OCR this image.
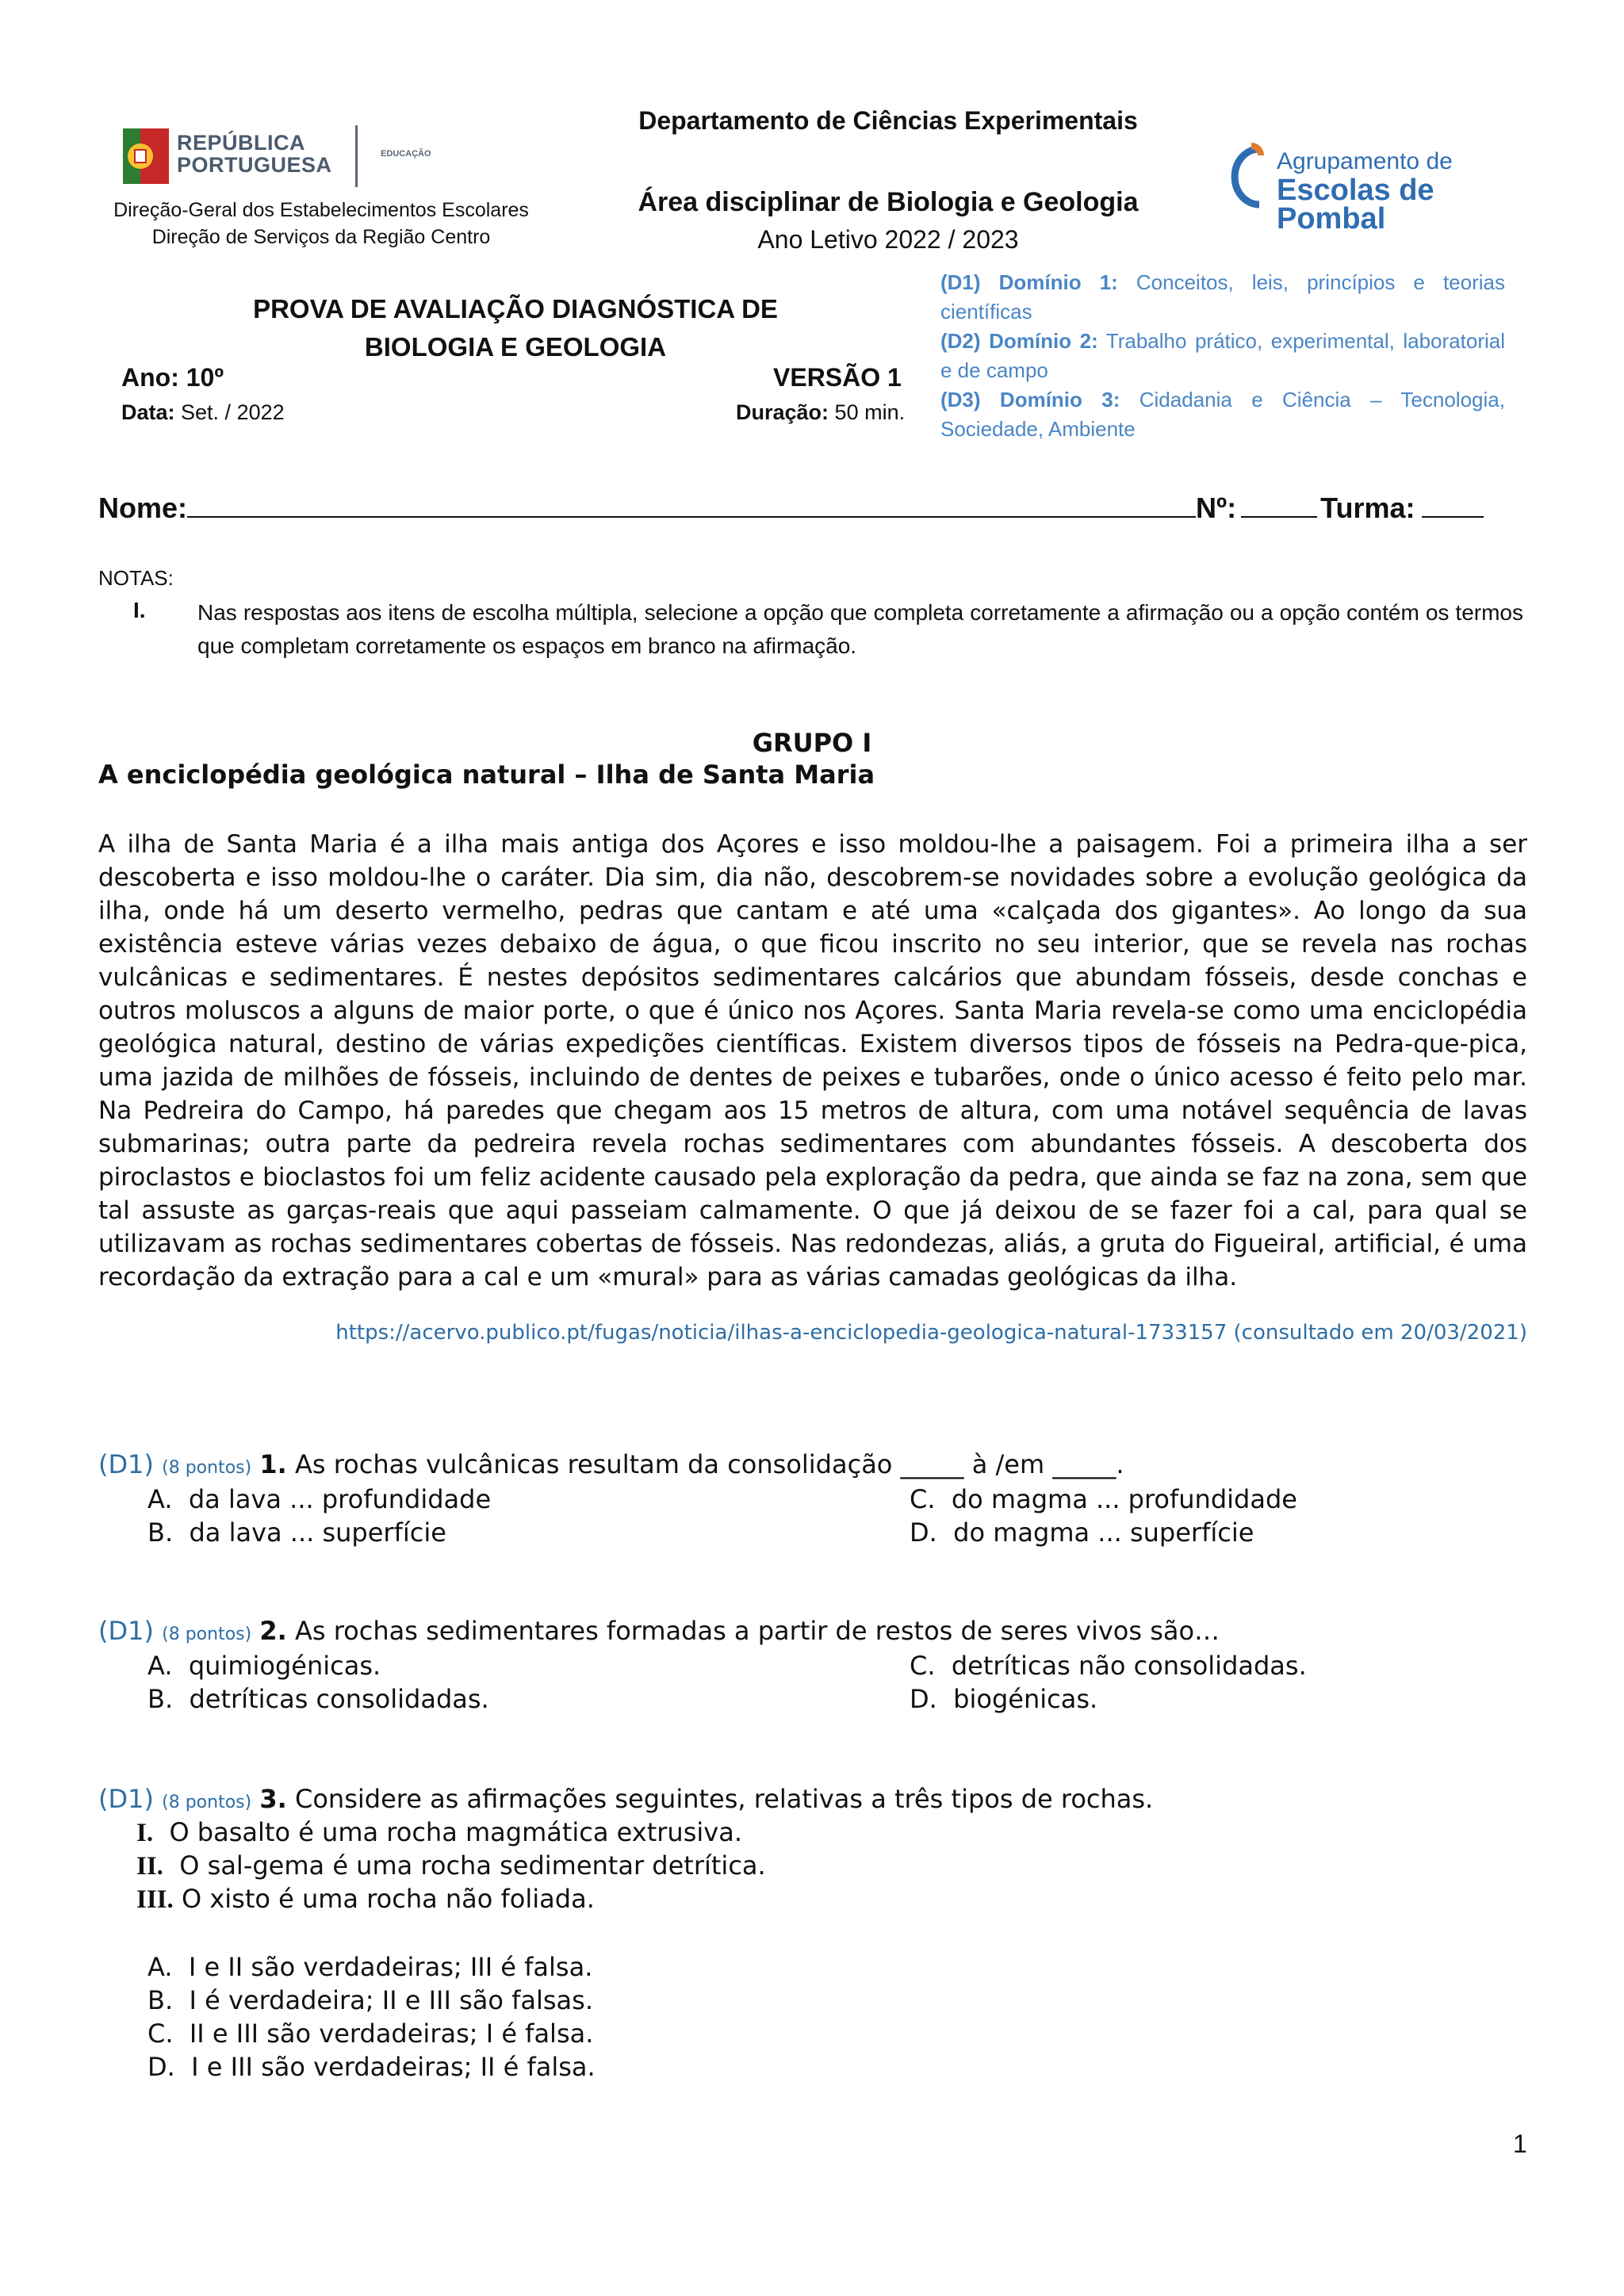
REPÚBLICA
PORTUGUESA	EDUCAÇÃO
Direção-Geral dos Estabelecimentos Escolares
Direção de Serviços da Região Centro
Departamento de Ciências Experimentais
Área disciplinar de Biologia e Geologia
Ano Letivo 2022 / 2023
Agrupamento de
Escolas de Pombal
PROVA DE AVALIAÇÃO DIAGNÓSTICA DE
BIOLOGIA E GEOLOGIA
Ano: 10º	VERSÃO 1
Data: Set. / 2022	Duração: 50 min.
(D1) Domínio 1: Conceitos, leis, princípios e teorias científicas
(D2) Domínio 2: Trabalho prático, experimental, laboratorial e de campo
(D3) Domínio 3: Cidadania e Ciência – Tecnologia, Sociedade, Ambiente
Nome:	Nº:	Turma:
NOTAS:
I. Nas respostas aos itens de escolha múltipla, selecione a opção que completa corretamente a afirmação ou a opção contém os termos que completam corretamente os espaços em branco na afirmação.
GRUPO I
A enciclopédia geológica natural – Ilha de Santa Maria
A ilha de Santa Maria é a ilha mais antiga dos Açores e isso moldou-lhe a paisagem. Foi a primeira ilha a ser descoberta e isso moldou-lhe o caráter. Dia sim, dia não, descobrem-se novidades sobre a evolução geológica da ilha, onde há um deserto vermelho, pedras que cantam e até uma «calçada dos gigantes». Ao longo da sua existência esteve várias vezes debaixo de água, o que ficou inscrito no seu interior, que se revela nas rochas vulcânicas e sedimentares. É nestes depósitos sedimentares calcários que abundam fósseis, desde conchas e outros moluscos a alguns de maior porte, o que é único nos Açores. Santa Maria revela-se como uma enciclopédia geológica natural, destino de várias expedições científicas. Existem diversos tipos de fósseis na Pedra-que-pica, uma jazida de milhões de fósseis, incluindo de dentes de peixes e tubarões, onde o único acesso é feito pelo mar. Na Pedreira do Campo, há paredes que chegam aos 15 metros de altura, com uma notável sequência de lavas submarinas; outra parte da pedreira revela rochas sedimentares com abundantes fósseis. A descoberta dos piroclastos e bioclastos foi um feliz acidente causado pela exploração da pedra, que ainda se faz na zona, sem que tal assuste as garças-reais que aqui passeiam calmamente. O que já deixou de se fazer foi a cal, para qual se utilizavam as rochas sedimentares cobertas de fósseis. Nas redondezas, aliás, a gruta do Figueiral, artificial, é uma recordação da extração para a cal e um «mural» para as várias camadas geológicas da ilha.
https://acervo.publico.pt/fugas/noticia/ilhas-a-enciclopedia-geologica-natural-1733157 (consultado em 20/03/2021)
(D1) (8 pontos) 1. As rochas vulcânicas resultam da consolidação _____ à /em _____.
A. da lava ... profundidade
B. da lava ... superfície
C. do magma ... profundidade
D. do magma ... superfície
(D1) (8 pontos) 2. As rochas sedimentares formadas a partir de restos de seres vivos são…
A. quimiogénicas.
B. detríticas consolidadas.
C. detríticas não consolidadas.
D. biogénicas.
(D1) (8 pontos) 3. Considere as afirmações seguintes, relativas a três tipos de rochas.
I. O basalto é uma rocha magmática extrusiva.
II. O sal-gema é uma rocha sedimentar detrítica.
III. O xisto é uma rocha não foliada.
A. I e II são verdadeiras; III é falsa.
B. I é verdadeira; II e III são falsas.
C. II e III são verdadeiras; I é falsa.
D. I e III são verdadeiras; II é falsa.
1
